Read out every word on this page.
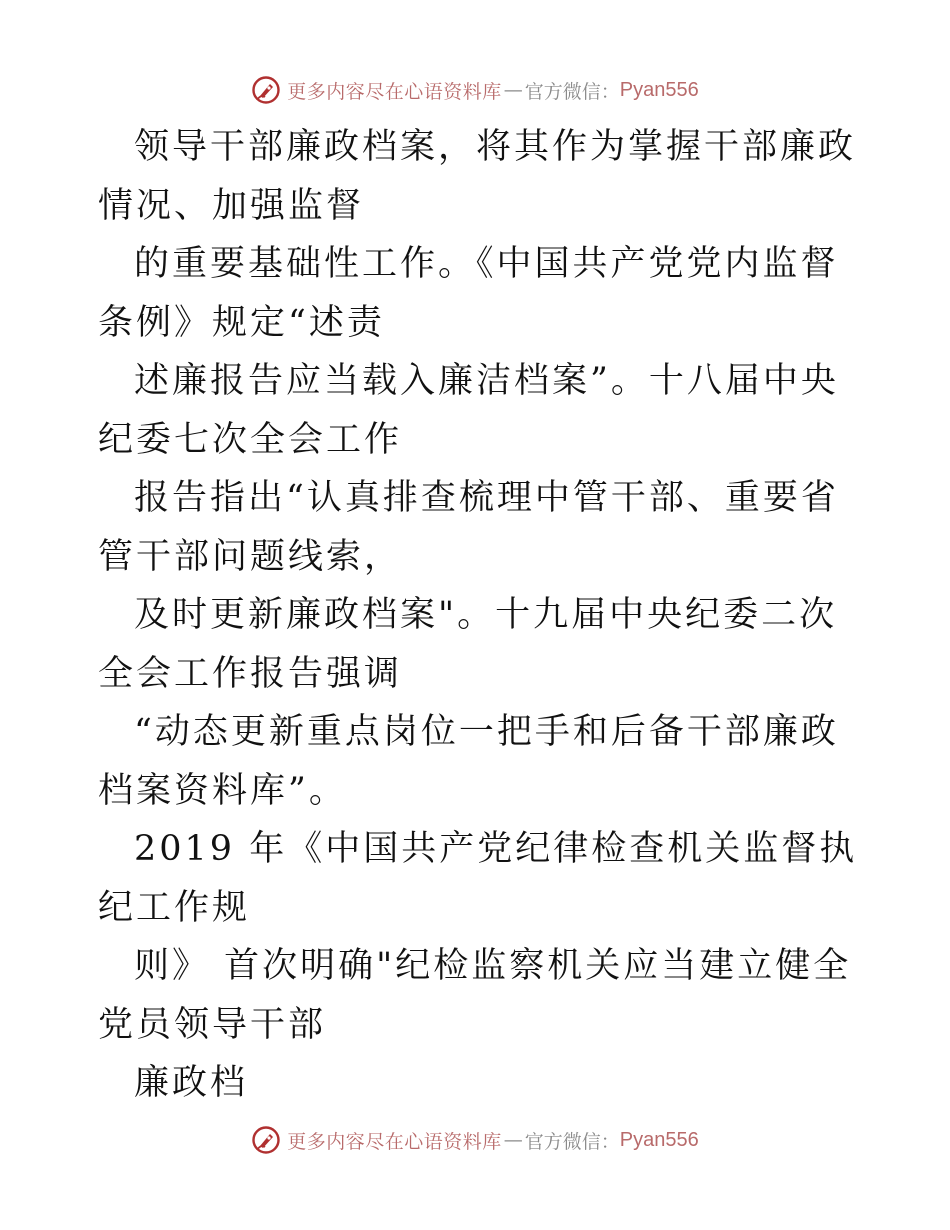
更多内容尽在心语资料库 — 官方微信： Pyan556

领导干部廉政档案，将其作为掌握干部廉政情况、加强监督

的重要基础性工作。《中国共产党党内监督条例》规定“述责

述廉报告应当载入廉洁档案”。十八届中央纪委七次全会工作

报告指出“认真排查梳理中管干部、重要省管干部问题线索，

及时更新廉政档案"。十九届中央纪委二次全会工作报告强调

“动态更新重点岗位一把手和后备干部廉政档案资料库”。

2019 年《中国共产党纪律检查机关监督执纪工作规

则》 首次明确"纪检监察机关应当建立健全党员领导干部

廉政档

更多内容尽在心语资料库 — 官方微信： Pyan556
